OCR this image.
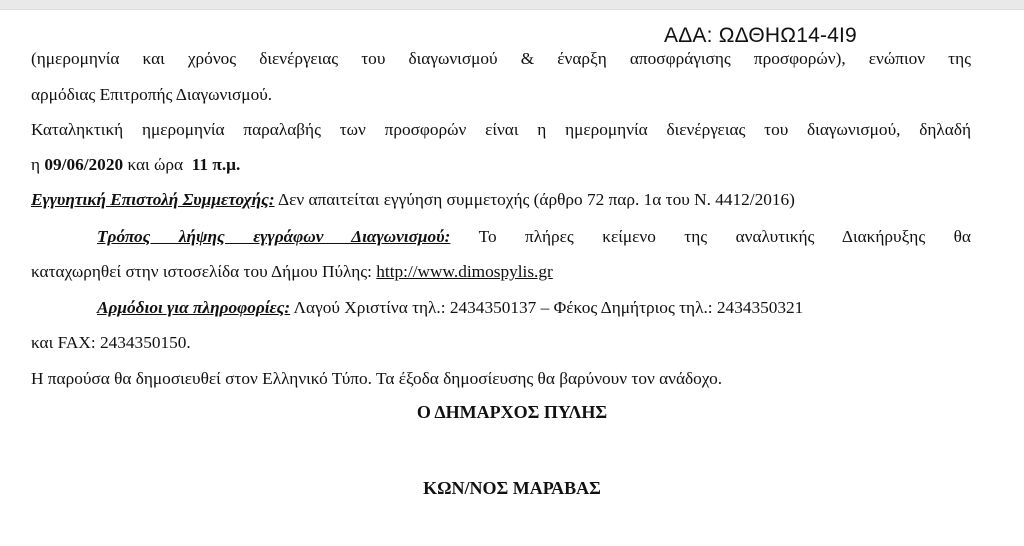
ΑΔΑ: ΩΔΘΗΩ14-4Ι9
(ημερομηνία και χρόνος διενέργειας του διαγωνισμού & έναρξη αποσφράγισης προσφορών), ενώπιον της
αρμόδιας Επιτροπής Διαγωνισμού.
Καταληκτική ημερομηνία παραλαβής των προσφορών είναι η ημερομηνία διενέργειας του διαγωνισμού, δηλαδή
η 09/06/2020 και ώρα 11 π.μ.
Εγγυητική Επιστολή Συμμετοχής: Δεν απαιτείται εγγύηση συμμετοχής (άρθρο 72 παρ. 1α του Ν. 4412/2016)
Τρόπος λήψης εγγράφων Διαγωνισμού: Το πλήρες κείμενο της αναλυτικής Διακήρυξης θα
καταχωρηθεί στην ιστοσελίδα του Δήμου Πύλης: http://www.dimospylis.gr
Αρμόδιοι για πληροφορίες: Λαγού Χριστίνα τηλ.: 2434350137 – Φέκος Δημήτριος τηλ.: 2434350321
και FAX: 2434350150.
Η παρούσα θα δημοσιευθεί στον Ελληνικό Τύπο. Τα έξοδα δημοσίευσης θα βαρύνουν τον ανάδοχο.
Ο ΔΗΜΑΡΧΟΣ ΠΥΛΗΣ
ΚΩΝ/ΝΟΣ ΜΑΡΑΒΑΣ
